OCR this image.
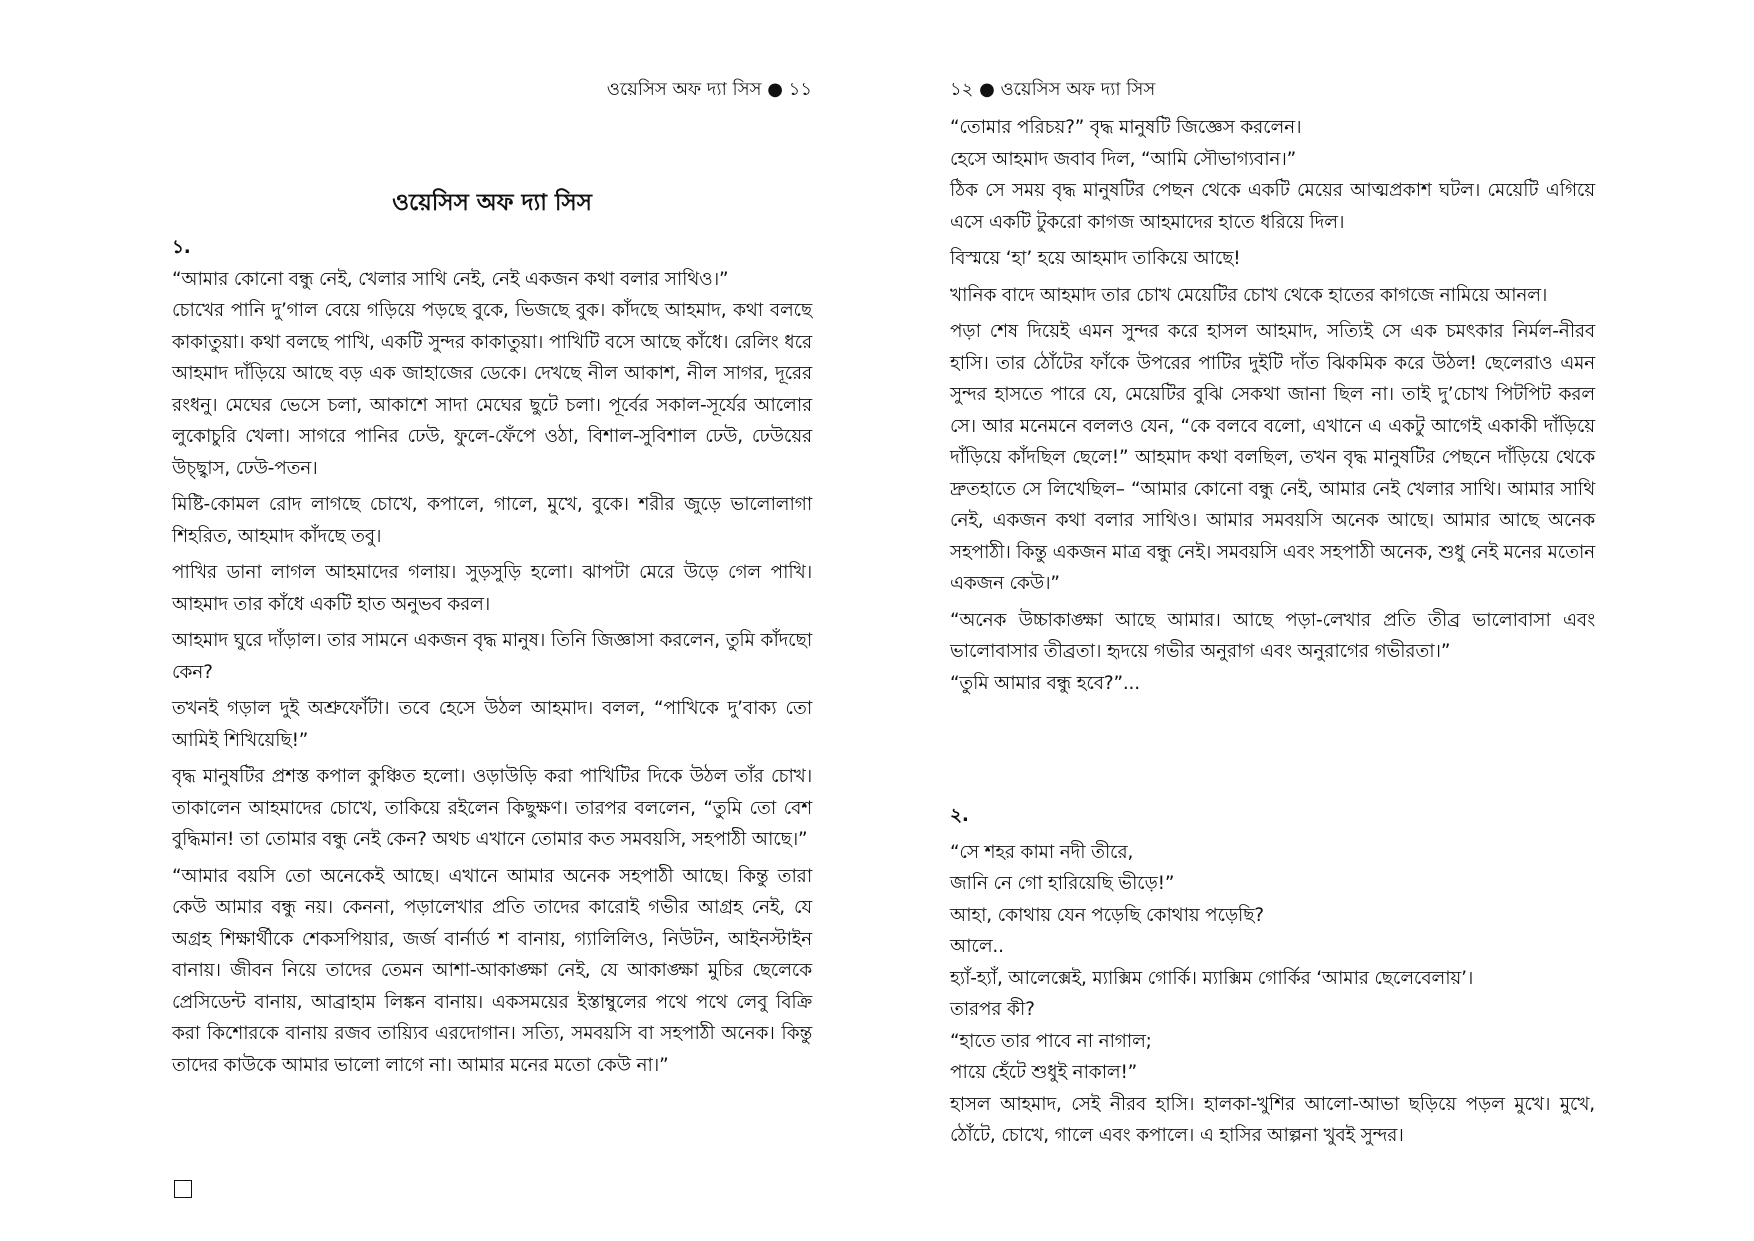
ওয়েসিস অফ দ্যা সিস ● ১১
ওয়েসিস অফ দ্যা সিস

১.

“আমার কোনো বন্ধু নেই, খেলার সাথি নেই, নেই একজন কথা বলার সাথিও।”

চোখের পানি দু’গাল বেয়ে গড়িয়ে পড়ছে বুকে, ভিজছে বুক। কাঁদছে আহমাদ, কথা বলছে কাকাতুয়া। কথা বলছে পাখি, একটি সুন্দর কাকাতুয়া। পাখিটি বসে আছে কাঁধে। রেলিং ধরে আহমাদ দাঁড়িয়ে আছে বড় এক জাহাজের ডেকে। দেখছে নীল আকাশ, নীল সাগর, দূরের রংধনু। মেঘের ভেসে চলা, আকাশে সাদা মেঘের ছুটে চলা। পূর্বের সকাল-সূর্যের আলোর লুকোচুরি খেলা। সাগরে পানির ঢেউ, ফুলে-ফেঁপে ওঠা, বিশাল-সুবিশাল ঢেউ, ঢেউয়ের উচ্ছ্বাস, ঢেউ-পতন।

মিষ্টি-কোমল রোদ লাগছে চোখে, কপালে, গালে, মুখে, বুকে। শরীর জুড়ে ভালোলাগা শিহরিত, আহমাদ কাঁদছে তবু।

পাখির ডানা লাগল আহমাদের গলায়। সুড়সুড়ি হলো। ঝাপটা মেরে উড়ে গেল পাখি। আহমাদ তার কাঁধে একটি হাত অনুভব করল।

আহমাদ ঘুরে দাঁড়াল। তার সামনে একজন বৃদ্ধ মানুষ। তিনি জিজ্ঞাসা করলেন, তুমি কাঁদছো কেন?

তখনই গড়াল দুই অশ্রুফোঁটা। তবে হেসে উঠল আহমাদ। বলল, “পাখিকে দু’বাক্য তো আমিই শিখিয়েছি!”

বৃদ্ধ মানুষটির প্রশস্ত কপাল কুঞ্চিত হলো। ওড়াউড়ি করা পাখিটির দিকে উঠল তাঁর চোখ। তাকালেন আহমাদের চোখে, তাকিয়ে রইলেন কিছুক্ষণ। তারপর বললেন, “তুমি তো বেশ বুদ্ধিমান! তা তোমার বন্ধু নেই কেন? অথচ এখানে তোমার কত সমবয়সি, সহপাঠী আছে।”

“আমার বয়সি তো অনেকেই আছে। এখানে আমার অনেক সহপাঠী আছে। কিন্তু তারা কেউ আমার বন্ধু নয়। কেননা, পড়ালেখার প্রতি তাদের কারোই গভীর আগ্রহ নেই, যে অগ্রহ শিক্ষার্থীকে শেকসপিয়ার, জর্জ বার্নার্ড শ বানায়, গ্যালিলিও, নিউটন, আইনস্টাইন বানায়। জীবন নিয়ে তাদের তেমন আশা-আকাঙ্ক্ষা নেই, যে আকাঙ্ক্ষা মুচির ছেলেকে প্রেসিডেন্ট বানায়, আব্রাহাম লিঙ্কন বানায়। একসময়ের ইস্তাম্বুলের পথে পথে লেবু বিক্রি করা কিশোরকে বানায় রজব তায়্যিব এরদোগান। সত্যি, সমবয়সি বা সহপাঠী অনেক। কিন্তু তাদের কাউকে আমার ভালো লাগে না। আমার মনের মতো কেউ না।”

১২ ● ওয়েসিস অফ দ্যা সিস

“তোমার পরিচয়?” বৃদ্ধ মানুষটি জিজ্ঞেস করলেন।

হেসে আহমাদ জবাব দিল, “আমি সৌভাগ্যবান।”

ঠিক সে সময় বৃদ্ধ মানুষটির পেছন থেকে একটি মেয়ের আত্মপ্রকাশ ঘটল। মেয়েটি এগিয়ে এসে একটি টুকরো কাগজ আহমাদের হাতে ধরিয়ে দিল।

বিস্ময়ে ‘হা’ হয়ে আহমাদ তাকিয়ে আছে!

খানিক বাদে আহমাদ তার চোখ মেয়েটির চোখ থেকে হাতের কাগজে নামিয়ে আনল।

পড়া শেষ দিয়েই এমন সুন্দর করে হাসল আহমাদ, সত্যিই সে এক চমৎকার নির্মল-নীরব হাসি। তার ঠোঁটের ফাঁকে উপরের পাটির দুইটি দাঁত ঝিকমিক করে উঠল! ছেলেরাও এমন সুন্দর হাসতে পারে যে, মেয়েটির বুঝি সেকথা জানা ছিল না। তাই দু’চোখ পিটপিট করল সে। আর মনেমনে বললও যেন, “কে বলবে বলো, এখানে এ একটু আগেই একাকী দাঁড়িয়ে দাঁড়িয়ে কাঁদছিল ছেলে!” আহমাদ কথা বলছিল, তখন বৃদ্ধ মানুষটির পেছনে দাঁড়িয়ে থেকে দ্রুতহাতে সে লিখেছিল– “আমার কোনো বন্ধু নেই, আমার নেই খেলার সাথি। আমার সাথি নেই, একজন কথা বলার সাথিও। আমার সমবয়সি অনেক আছে। আমার আছে অনেক সহপাঠী। কিন্তু একজন মাত্র বন্ধু নেই। সমবয়সি এবং সহপাঠী অনেক, শুধু নেই মনের মতোন একজন কেউ।”

“অনেক উচ্চাকাঙ্ক্ষা আছে আমার। আছে পড়া-লেখার প্রতি তীব্র ভালোবাসা এবং ভালোবাসার তীব্রতা। হৃদয়ে গভীর অনুরাগ এবং অনুরাগের গভীরতা।”

“তুমি আমার বন্ধু হবে?”...

২.

“সে শহর কামা নদী তীরে,

জানি নে গো হারিয়েছি ভীড়ে!”

আহা, কোথায় যেন পড়েছি কোথায় পড়েছি?

আলে..

হ্যাঁ-হ্যাঁ, আলেক্সেই, ম্যাক্সিম গোর্কি। ম্যাক্সিম গোর্কির ‘আমার ছেলেবেলায়’।

তারপর কী?

“হাতে তার পাবে না নাগাল;

পায়ে হেঁটে শুধুই নাকাল!”

হাসল আহমাদ, সেই নীরব হাসি। হালকা-খুশির আলো-আভা ছড়িয়ে পড়ল মুখে। মুখে, ঠোঁটে, চোখে, গালে এবং কপালে। এ হাসির আল্পনা খুবই সুন্দর।
